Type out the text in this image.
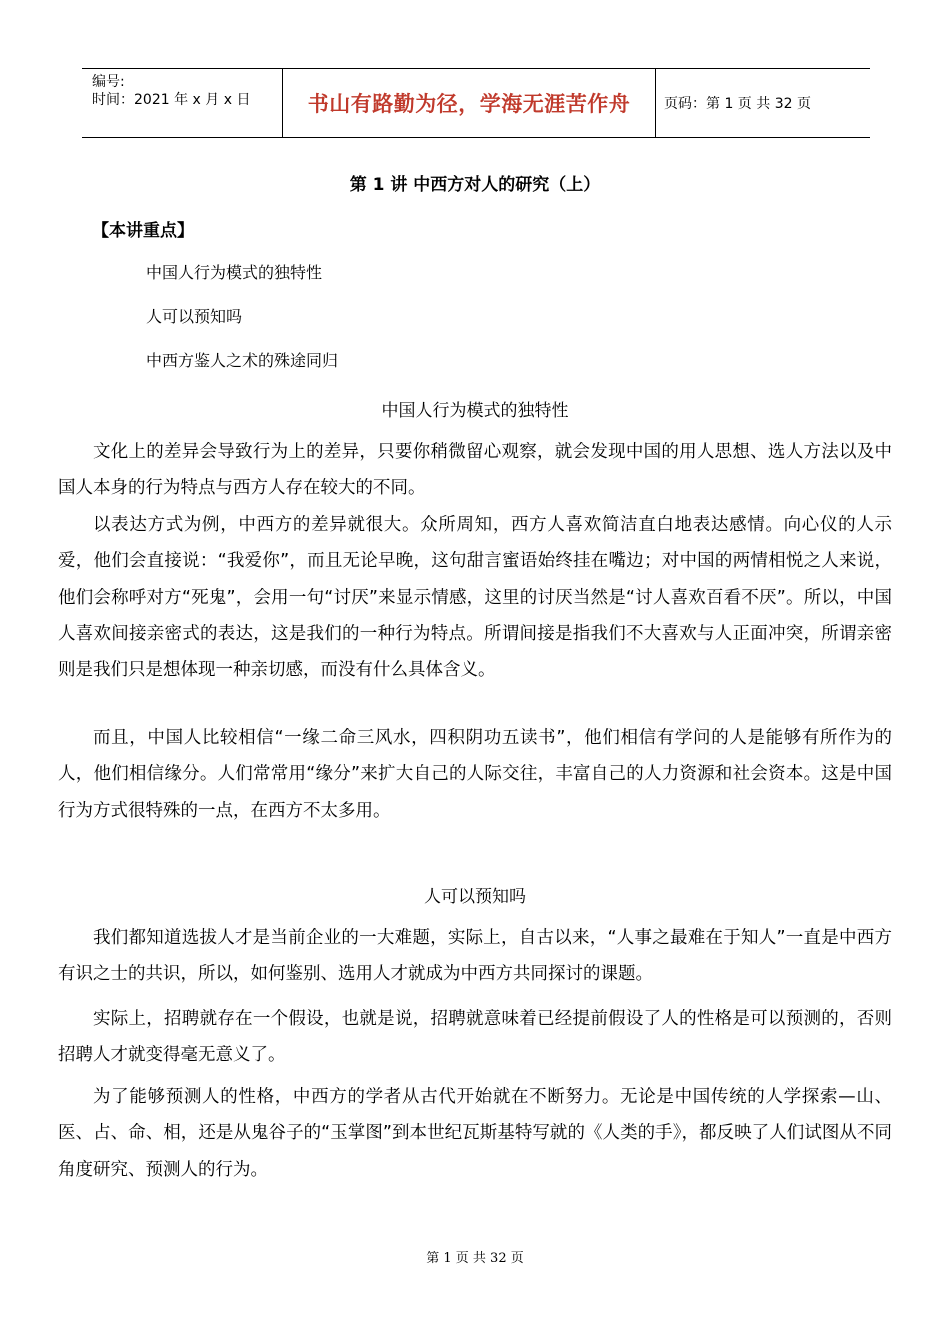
编号:
时间：2021 年 x 月 x 日	书山有路勤为径，学海无涯苦作舟	页码：第 1 页 共 32 页
第 1 讲 中西方对人的研究（上）
【本讲重点】
中国人行为模式的独特性
人可以预知吗
中西方鉴人之术的殊途同归
中国人行为模式的独特性

文化上的差异会导致行为上的差异，只要你稍微留心观察，就会发现中国的用人思想、选人方法以及中国人本身的行为特点与西方人存在较大的不同。

以表达方式为例，中西方的差异就很大。众所周知，西方人喜欢简洁直白地表达感情。向心仪的人示爱，他们会直接说：“我爱你”，而且无论早晚，这句甜言蜜语始终挂在嘴边；对中国的两情相悦之人来说，他们会称呼对方“死鬼”，会用一句“讨厌”来显示情感，这里的讨厌当然是“讨人喜欢百看不厌”。所以，中国人喜欢间接亲密式的表达，这是我们的一种行为特点。所谓间接是指我们不大喜欢与人正面冲突，所谓亲密则是我们只是想体现一种亲切感，而没有什么具体含义。

而且，中国人比较相信“一缘二命三风水，四积阴功五读书”，他们相信有学问的人是能够有所作为的人，他们相信缘分。人们常常用“缘分”来扩大自己的人际交往，丰富自己的人力资源和社会资本。这是中国行为方式很特殊的一点，在西方不太多用。

人可以预知吗

我们都知道选拔人才是当前企业的一大难题，实际上，自古以来，“人事之最难在于知人”一直是中西方有识之士的共识，所以，如何鉴别、选用人才就成为中西方共同探讨的课题。

实际上，招聘就存在一个假设，也就是说，招聘就意味着已经提前假设了人的性格是可以预测的，否则招聘人才就变得毫无意义了。

为了能够预测人的性格，中西方的学者从古代开始就在不断努力。无论是中国传统的人学探索—山、医、占、命、相，还是从鬼谷子的“玉掌图”到本世纪瓦斯基特写就的《人类的手》，都反映了人们试图从不同角度研究、预测人的行为。

第 1 页 共 32 页
